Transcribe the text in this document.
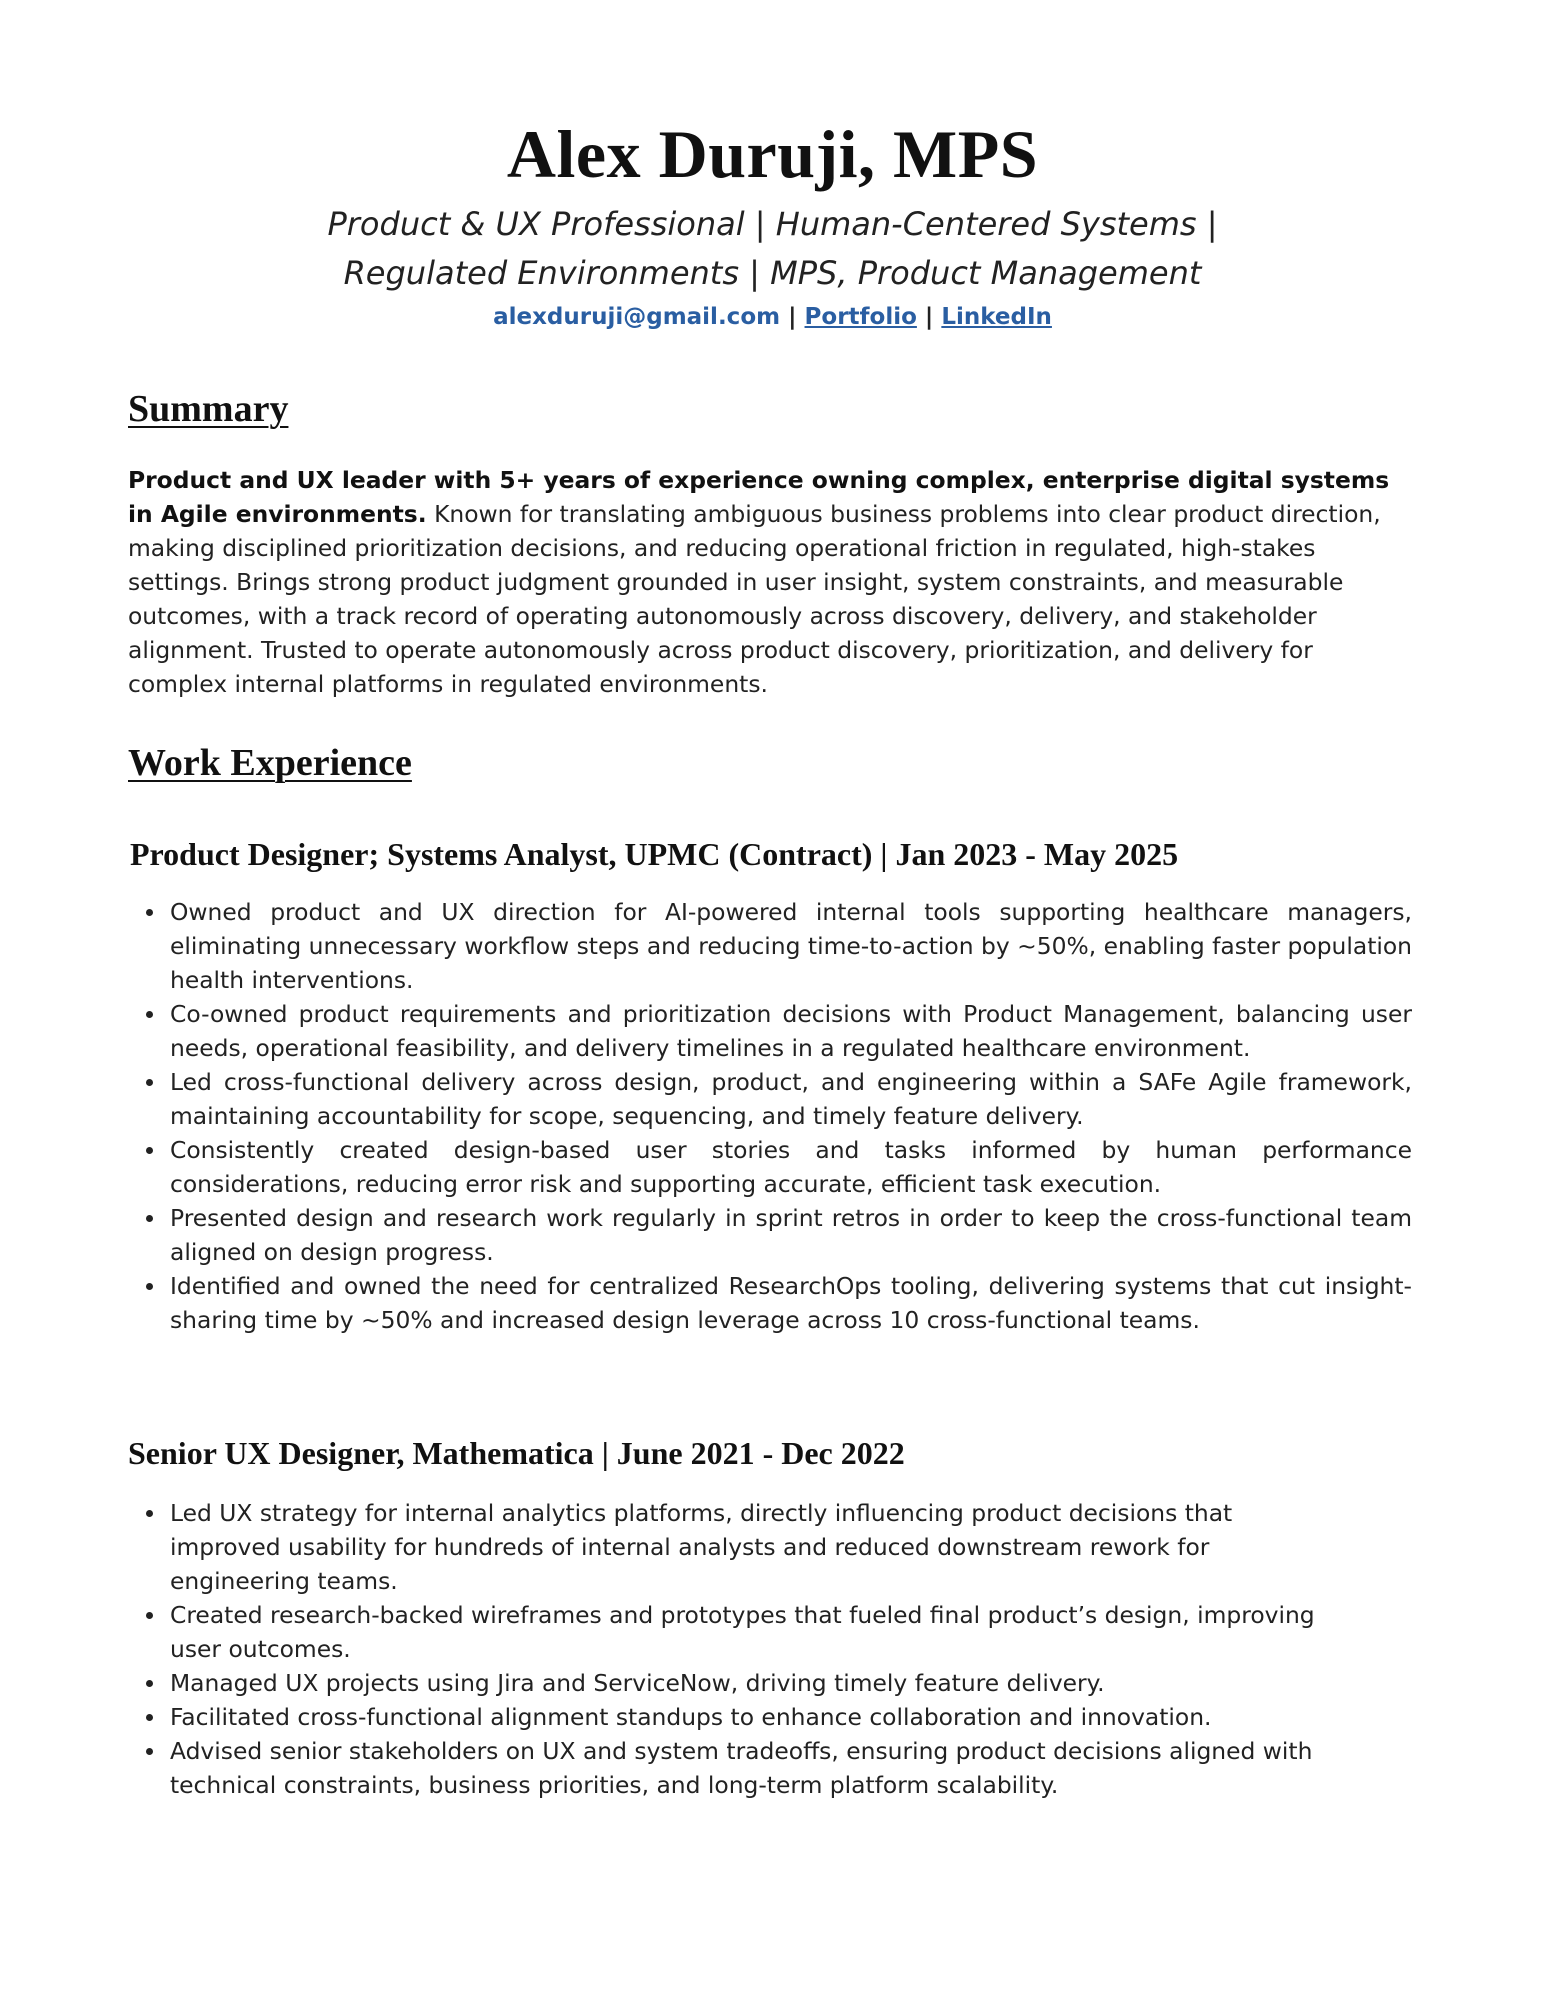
Alex Duruji, MPS
Product & UX Professional | Human-Centered Systems |
Regulated Environments | MPS, Product Management
alexduruji@gmail.com | Portfolio | LinkedIn
Summary
Product and UX leader with 5+ years of experience owning complex, enterprise digital systems in Agile environments. Known for translating ambiguous business problems into clear product direction, making disciplined prioritization decisions, and reducing operational friction in regulated, high-stakes settings. Brings strong product judgment grounded in user insight, system constraints, and measurable outcomes, with a track record of operating autonomously across discovery, delivery, and stakeholder alignment. Trusted to operate autonomously across product discovery, prioritization, and delivery for complex internal platforms in regulated environments.
Work Experience
Product Designer; Systems Analyst, UPMC (Contract) | Jan 2023 - May 2025
Owned product and UX direction for AI-powered internal tools supporting healthcare managers, eliminating unnecessary workflow steps and reducing time-to-action by ~50%, enabling faster population health interventions.
Co-owned product requirements and prioritization decisions with Product Management, balancing user needs, operational feasibility, and delivery timelines in a regulated healthcare environment.
Led cross-functional delivery across design, product, and engineering within a SAFe Agile framework, maintaining accountability for scope, sequencing, and timely feature delivery.
Consistently created design-based user stories and tasks informed by human performance considerations, reducing error risk and supporting accurate, efficient task execution.
Presented design and research work regularly in sprint retros in order to keep the cross-functional team aligned on design progress.
Identified and owned the need for centralized ResearchOps tooling, delivering systems that cut insight-sharing time by ~50% and increased design leverage across 10 cross-functional teams.
Senior UX Designer, Mathematica | June 2021 - Dec 2022
Led UX strategy for internal analytics platforms, directly influencing product decisions that improved usability for hundreds of internal analysts and reduced downstream rework for engineering teams.
Created research-backed wireframes and prototypes that fueled final product’s design, improving user outcomes.
Managed UX projects using Jira and ServiceNow, driving timely feature delivery.
Facilitated cross-functional alignment standups to enhance collaboration and innovation.
Advised senior stakeholders on UX and system tradeoffs, ensuring product decisions aligned with technical constraints, business priorities, and long-term platform scalability.
